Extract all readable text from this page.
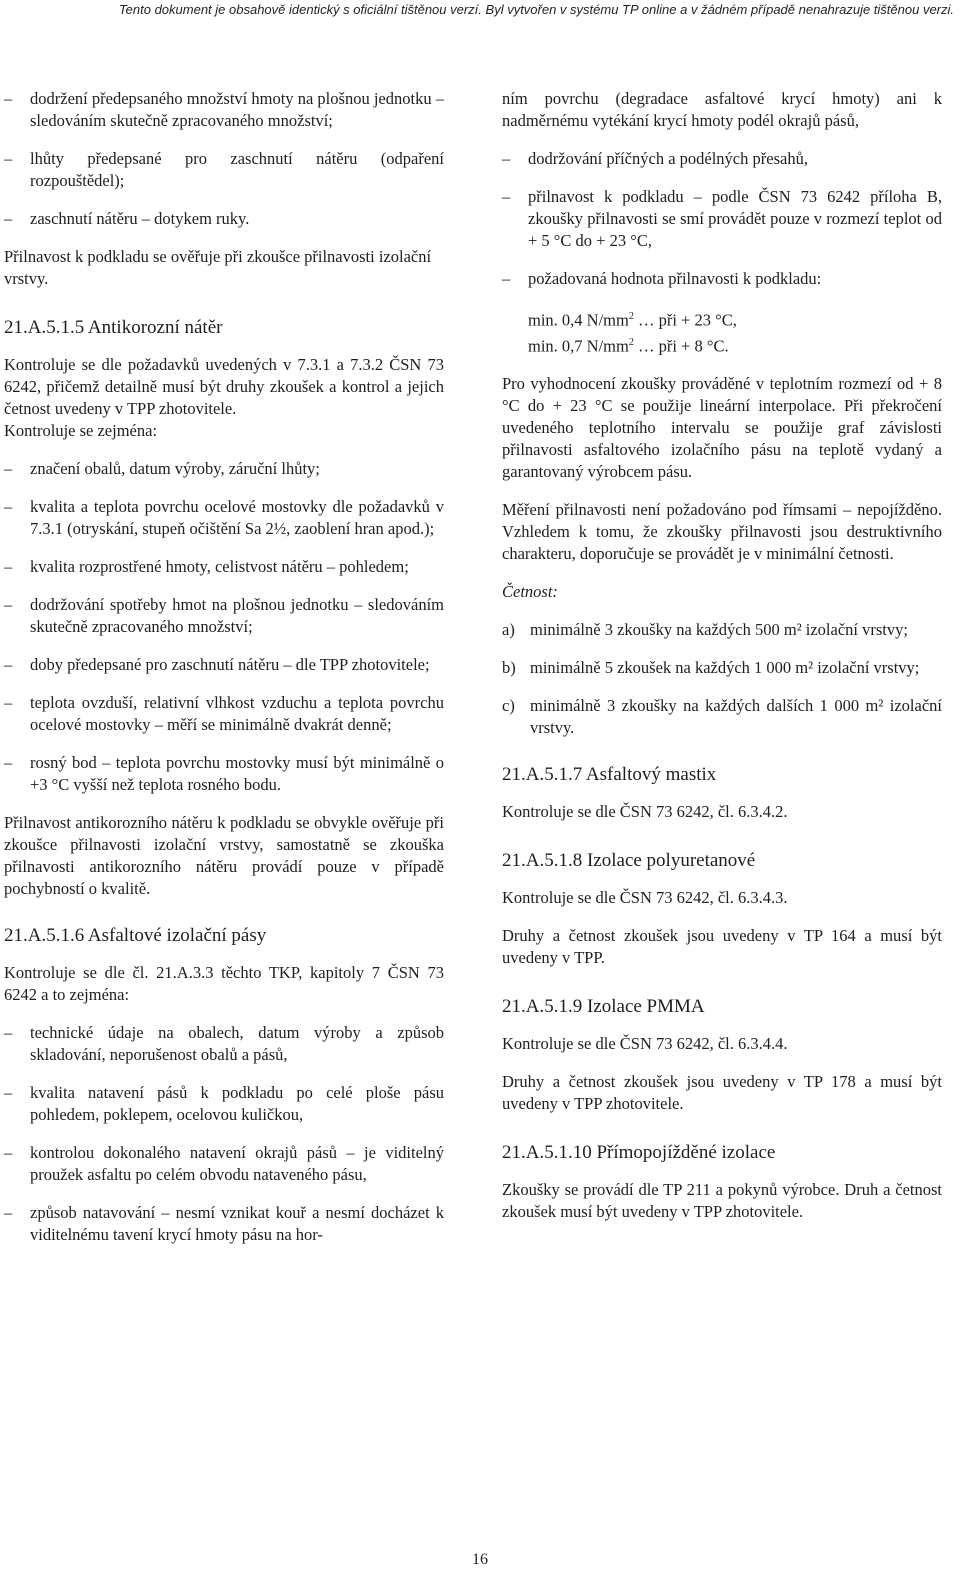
Tento dokument je obsahově identický s oficiální tištěnou verzí. Byl vytvořen v systému TP online a v žádném případě nenahrazuje tištěnou verzi.
– dodržení předepsaného množství hmoty na plošnou jednotku – sledováním skutečně zpracovaného množství;
– lhůty předepsané pro zaschnutí nátěru (odpaření rozpouštědel);
– zaschnutí nátěru – dotykem ruky.

Přilnavost k podkladu se ověřuje při zkoušce přilnavosti izolační vrstvy.

21.A.5.1.5 Antikorozní nátěr

Kontroluje se dle požadavků uvedených v 7.3.1 a 7.3.2 ČSN 73 6242, přičemž detailně musí být druhy zkoušek a kontrol a jejich četnost uvedeny v TPP zhotovitele.

Kontroluje se zejména:

– značení obalů, datum výroby, záruční lhůty;
– kvalita a teplota povrchu ocelové mostovky dle požadavků v 7.3.1 (otryskání, stupeň očištění Sa 2½, zaoblení hran apod.);
– kvalita rozprostřené hmoty, celistvost nátěru – pohledem;
– dodržování spotřeby hmot na plošnou jednotku – sledováním skutečně zpracovaného množství;
– doby předepsané pro zaschnutí nátěru – dle TPP zhotovitele;
– teplota ovzduší, relativní vlhkost vzduchu a teplota povrchu ocelové mostovky – měří se minimálně dvakrát denně;
– rosný bod – teplota povrchu mostovky musí být minimálně o +3 °C vyšší než teplota rosného bodu.

Přilnavost antikorozního nátěru k podkladu se obvykle ověřuje při zkoušce přilnavosti izolační vrstvy, samostatně se zkouška přilnavosti antikorozního nátěru provádí pouze v případě pochybností o kvalitě.

21.A.5.1.6 Asfaltové izolační pásy

Kontroluje se dle čl. 21.A.3.3 těchto TKP, kapitoly 7 ČSN 73 6242 a to zejména:

– technické údaje na obalech, datum výroby a způsob skladování, neporušenost obalů a pásů,
– kvalita natavení pásů k podkladu po celé ploše pásu pohledem, poklepem, ocelovou kuličkou,
– kontrolou dokonalého natavení okrajů pásů – je viditelný proužek asfaltu po celém obvodu nataveného pásu,
– způsob natavování – nesmí vznikat kouř a nesmí docházet k viditelnému tavení krycí hmoty pásu na hor-

ním povrchu (degradace asfaltové krycí hmoty) ani k nadměrnému vytékání krycí hmoty podél okrajů pásů,

– dodržování příčných a podélných přesahů,
– přilnavost k podkladu – podle ČSN 73 6242 příloha B, zkoušky přilnavosti se smí provádět pouze v rozmezí teplot od + 5 °C do + 23 °C,
– požadovaná hodnota přilnavosti k podkladu:
min. 0,4 $N/mm^2$ … při + 23 °C,
min. 0,7 $N/mm^2$ … při + 8 °C.

Pro vyhodnocení zkoušky prováděné v teplotním rozmezí od + 8 °C do + 23 °C se použije lineární interpolace. Při překročení uvedeného teplotního intervalu se použije graf závislosti přilnavosti asfaltového izolačního pásu na teplotě vydaný a garantovaný výrobcem pásu.

Měření přilnavosti není požadováno pod římsami – nepojížděno. Vzhledem k tomu, že zkoušky přilnavosti jsou destruktivního charakteru, doporučuje se provádět je v minimální četnosti.

Četnost:

a) minimálně 3 zkoušky na každých 500 m² izolační vrstvy;
b) minimálně 5 zkoušek na každých 1 000 m² izolační vrstvy;
c) minimálně 3 zkoušky na každých dalších 1 000 m² izolační vrstvy.
21.A.5.1.7 Asfaltový mastix

Kontroluje se dle ČSN 73 6242, čl. 6.3.4.2.

21.A.5.1.8 Izolace polyuretanové

Kontroluje se dle ČSN 73 6242, čl. 6.3.4.3.

Druhy a četnost zkoušek jsou uvedeny v TP 164 a musí být uvedeny v TPP.

21.A.5.1.9 Izolace PMMA

Kontroluje se dle ČSN 73 6242, čl. 6.3.4.4.

Druhy a četnost zkoušek jsou uvedeny v TP 178 a musí být uvedeny v TPP zhotovitele.

21.A.5.1.10 Přímopojížděné izolace

Zkoušky se provádí dle TP 211 a pokynů výrobce. Druh a četnost zkoušek musí být uvedeny v TPP zhotovitele.

16
